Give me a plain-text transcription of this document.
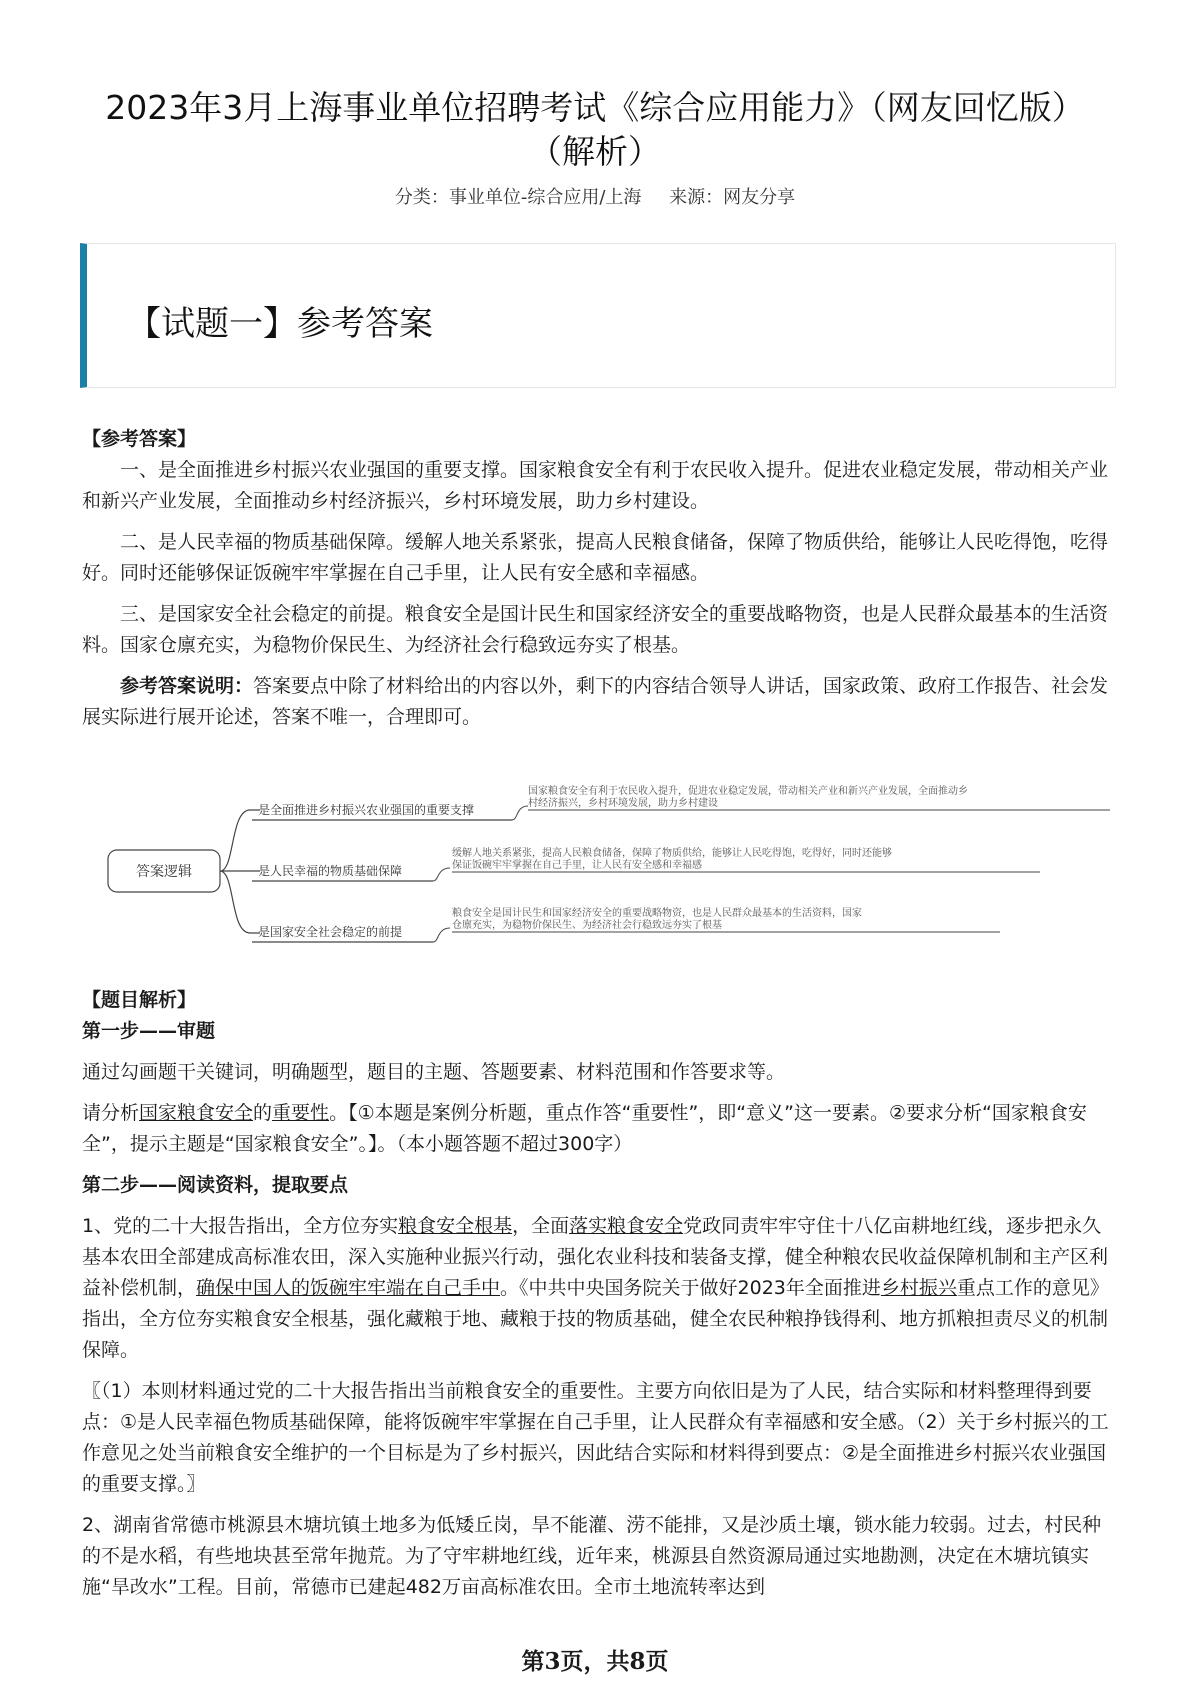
2023年3月上海事业单位招聘考试《综合应用能力》（网友回忆版）（解析）
分类：事业单位-综合应用/上海 来源：网友分享
【试题一】参考答案

【参考答案】

一、是全面推进乡村振兴农业强国的重要支撑。国家粮食安全有利于农民收入提升。促进农业稳定发展，带动相关产业和新兴产业发展，全面推动乡村经济振兴，乡村环境发展，助力乡村建设。

二、是人民幸福的物质基础保障。缓解人地关系紧张，提高人民粮食储备，保障了物质供给，能够让人民吃得饱，吃得好。同时还能够保证饭碗牢牢掌握在自己手里，让人民有安全感和幸福感。

三、是国家安全社会稳定的前提。粮食安全是国计民生和国家经济安全的重要战略物资，也是人民群众最基本的生活资料。国家仓廪充实，为稳物价保民生、为经济社会行稳致远夯实了根基。

参考答案说明：答案要点中除了材料给出的内容以外，剩下的内容结合领导人讲话，国家政策、政府工作报告、社会发展实际进行展开论述，答案不唯一，合理即可。

答案逻辑
是全面推进乡村振兴农业强国的重要支撑
国家粮食安全有利于农民收入提升，促进农业稳定发展，带动相关产业和新兴产业发展，全面推动乡
村经济振兴，乡村环境发展，助力乡村建设
是人民幸福的物质基础保障
缓解人地关系紧张，提高人民粮食储备，保障了物质供给，能够让人民吃得饱，吃得好，同时还能够
保证饭碗牢牢掌握在自己手里，让人民有安全感和幸福感
是国家安全社会稳定的前提
粮食安全是国计民生和国家经济安全的重要战略物资，也是人民群众最基本的生活资料，国家
仓廪充实，为稳物价保民生、为经济社会行稳致远夯实了根基

【题目解析】

第一步——审题

通过勾画题干关键词，明确题型，题目的主题、答题要素、材料范围和作答要求等。

请分析国家粮食安全的重要性。【①本题是案例分析题，重点作答“重要性”，即“意义”这一要素。②要求分析“国家粮食安全”，提示主题是“国家粮食安全”。】。（本小题答题不超过300字）

第二步——阅读资料，提取要点

1、党的二十大报告指出，全方位夯实粮食安全根基，全面落实粮食安全党政同责牢牢守住十八亿亩耕地红线，逐步把永久基本农田全部建成高标准农田，深入实施种业振兴行动，强化农业科技和装备支撑，健全种粮农民收益保障机制和主产区利益补偿机制，确保中国人的饭碗牢牢端在自己手中。《中共中央国务院关于做好2023年全面推进乡村振兴重点工作的意见》指出，全方位夯实粮食安全根基，强化藏粮于地、藏粮于技的物质基础，健全农民种粮挣钱得利、地方抓粮担责尽义的机制保障。

〖（1）本则材料通过党的二十大报告指出当前粮食安全的重要性。主要方向依旧是为了人民，结合实际和材料整理得到要点：①是人民幸福色物质基础保障，能将饭碗牢牢掌握在自己手里，让人民群众有幸福感和安全感。（2）关于乡村振兴的工作意见之处当前粮食安全维护的一个目标是为了乡村振兴，因此结合实际和材料得到要点：②是全面推进乡村振兴农业强国的重要支撑。〗

2、湖南省常德市桃源县木塘坑镇土地多为低矮丘岗，旱不能灌、涝不能排，又是沙质土壤，锁水能力较弱。过去，村民种的不是水稻，有些地块甚至常年抛荒。为了守牢耕地红线，近年来，桃源县自然资源局通过实地勘测，决定在木塘坑镇实施“旱改水”工程。目前，常德市已建起482万亩高标准农田。全市土地流转率达到

第3页，共8页
